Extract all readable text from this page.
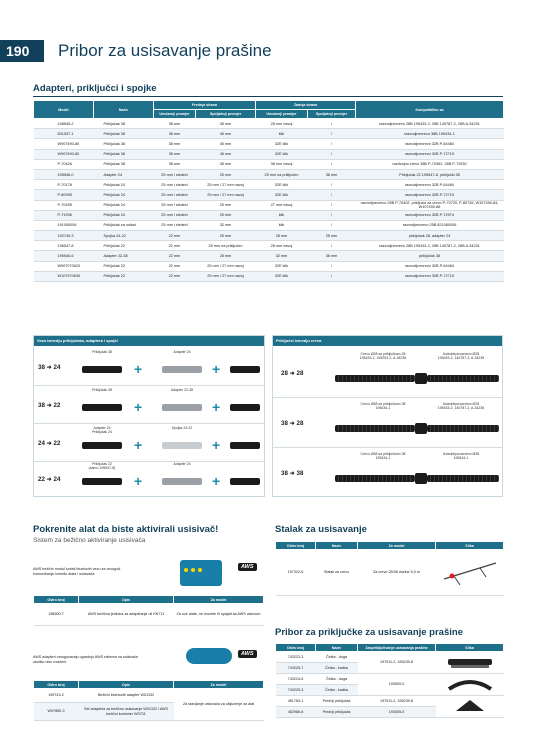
190	Pribor za usisavanje prašine
Adapteri, priključci i spojke
Model	Naziv	Prednja strana		Zadnja strana		Kompatibilno sa
		Unutarnji promjer	Spoljašnji promjer	Unutarnji promjer	Spoljašnji promjer	
198545-2	Priključak 38	38 mm	45 mm	28 mm navoj	/	razvodjnecrevo 28B 195433-2, 28B 140787-2, 28B A-34231
831537-1	Priključak 38	38 mm	45 mm	klik	/	razvodjnecrevo 38B 195434-1
W907490-80	Priključak 38	38 mm	45 mm	32E klik	/	razvodjnecrevo 32B P-64484
W907490-80	Priključak 38	38 mm	45 mm	32E klik	/	razvodjnecrevo 32B P-72719
P-70426	Priključak 38	38 mm	45 mm	38 mm navoj	/	razdvojno crevo 38B P-70362, 26B P-72930
195546-0	Adapter 24	25 mm i sledeći	25 mm	25 mm na priključen	38 mm	Priključak 22 195547-8, priključki 38
P-70178	Priključak 24	25 mm i sledeći	25 mm / 27 mm navoj	32E klik	/	razvodjnecrevo 32B P-64484
P-80995	Priključak 24	25 mm i sledeći	25 mm / 27 mm navoj	32E klik	/	razvodjnecrevo 32B P-72719
P-70495	Priključak 24	25 mm i sledeći	25 mm	27 mm navoj	/	razvodjnecrevo 28B P-70402, priključci za crevo P-70720, P-80745, W107490-84, W107490-88
P-71936	Priključak 24	25 mm i sledeći	25 mm	klik	/	razvodjnecrevo 32B P-72974
191050006	Priključak za usisai	25 mm i sledeći	32 mm	klik	/	razvodjnecrevo 25B 821080006
192749-3	Spojka 24-22	22 mm	25 mm	28 mm	25 mm	priključak 28, adapter 24
196547-8	Priključak 22	22 mm	25 mm na priključen	28 mm navoj	/	razvodjnecrevo 28B 195433-2, 28B 140787-2, 28B A-34231
195546-6	Adapter 22-38	22 mm	25 mm	32 mm	38 mm	priključak 38
W907070620	Priključak 22	22 mm	25 mm / 27 mm navoj	32E klik	/	razvodjnecrevo 32B P-64484
W107970630	Priključak 22	22 mm	25 mm / 27 mm navoj	32E klik	/	razvodjnecrevo 32B P-72719
Veza izmedju priključaka, adaptera i spojki
38 ➜ 24
Priključak 38	Adapter 24
+	+
38 ➜ 22
Priključak 38	Adapter 22-38
+	+
24 ➜ 22
Adapter 24
Priključak 24
Spojka 24-22
+	+
22 ➜ 24
Priključak 22
(samo 195547-8)
Adapter 24
+	+
Priključci izmedju creva
28 ➜ 28
Crevo Ø28 sa priključkom 28
195433-2, 195253-2, A-34235
Usisnidrpovacrevo Ø28
195433-2, 140787-2, A-34235
38 ➜ 28
Crevo Ø38 sa priključkom 38
195434-1
Usisnidrpovacrevo Ø28
195433-2, 140787-2, A-34235
38 ➜ 38
Crevo Ø38 sa priključkom 38
195434-1
Usisnidrpovacrevo Ø38
195434-1
Pokrenite alat da biste aktivirali usisivač!
Sistem za bežično aktiviranje usisivača
AWS bežični modul koristi bluetooth vezu za omogući komunikaciju između alata i usisivača.
AWS
Oštro broj	Opis	Za model
198900-7	AWS bežična jedinica za adaptiranje uli KN711	Za ove alate, ne mozete ih spajati sa AWS uslovom
AWS adapteri omogućavaju ugradnju AWS sistema na usisivače ukoliko nisu uvaženi.
AWS
Oštro broj	Opis	Za model
199743-2	Bežični bluetooth adapter W01332	Za stavljanje usisivača za uključenje za alat
W97850-3	Set adaptera za bežično usisavanje W01332 i AWS bežični kontroler W0731	
Stalak za usisavanje
Oštro broj	Naziv	Za model	Slika
197322-6	Stalak za crevo	Za crevo 28/38 dužine 5,0 m	
Pribor za priključke za usisavanje prašine
Oštro broj	Naziv	Zaspriključivanje usisavanja prašine	Slika
743223-3	Četka - duga	197011-2, 195239-8	
743225-7	Četka - kratka		
743224-5	Četka - duga	193505-0	
743225-3	Četka - kratka		
451783-1	Prednji priključak	197011-2, 195239-8	
452986-6	Prednji priključak	193505-0	
